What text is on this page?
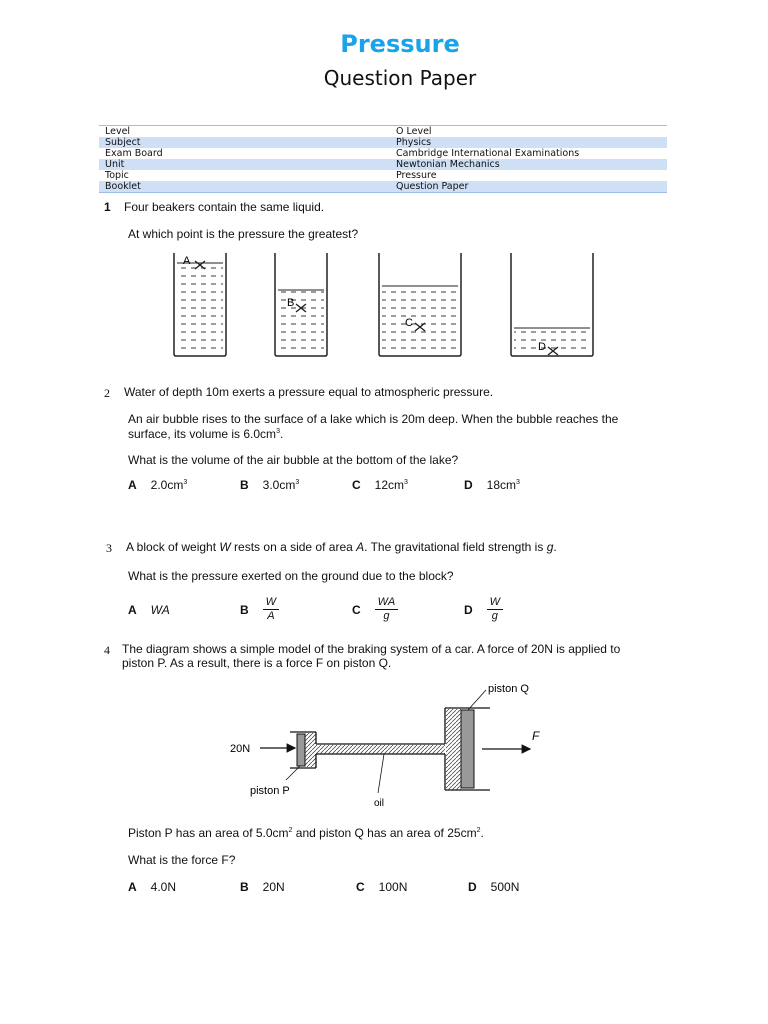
Pressure
Question Paper
Level	O Level
Subject	Physics
Exam Board	Cambridge International Examinations
Unit	Newtonian Mechanics
Topic	Pressure
Booklet	Question Paper
1 Four beakers contain the same liquid.
At which point is the pressure the greatest?
A
B
C
D
2 Water of depth 10m exerts a pressure equal to atmospheric pressure.
An air bubble rises to the surface of a lake which is 20m deep. When the bubble reaches the
surface, its volume is $6.0cm^3$.
What is the volume of the air bubble at the bottom of the lake?
A $2.0cm^3$	B $3.0cm^3$	C $12cm^3$	D $18cm^3$
3 A block of weight W rests on a side of area A. The gravitational field strength is g.
What is the pressure exerted on the ground due to the block?
A WA	B $\frac{W}{A}$	C $\frac{WA}{g}$	D $\frac{W}{g}$
4 The diagram shows a simple model of the braking system of a car. A force of 20N is applied to
piston P. As a result, there is a force F on piston Q.
20N
F
piston P
oil
piston Q
Piston P has an area of $5.0cm^2$ and piston Q has an area of $25cm^2$.
What is the force F?
A 4.0N	B 20N	C 100N	D 500N
